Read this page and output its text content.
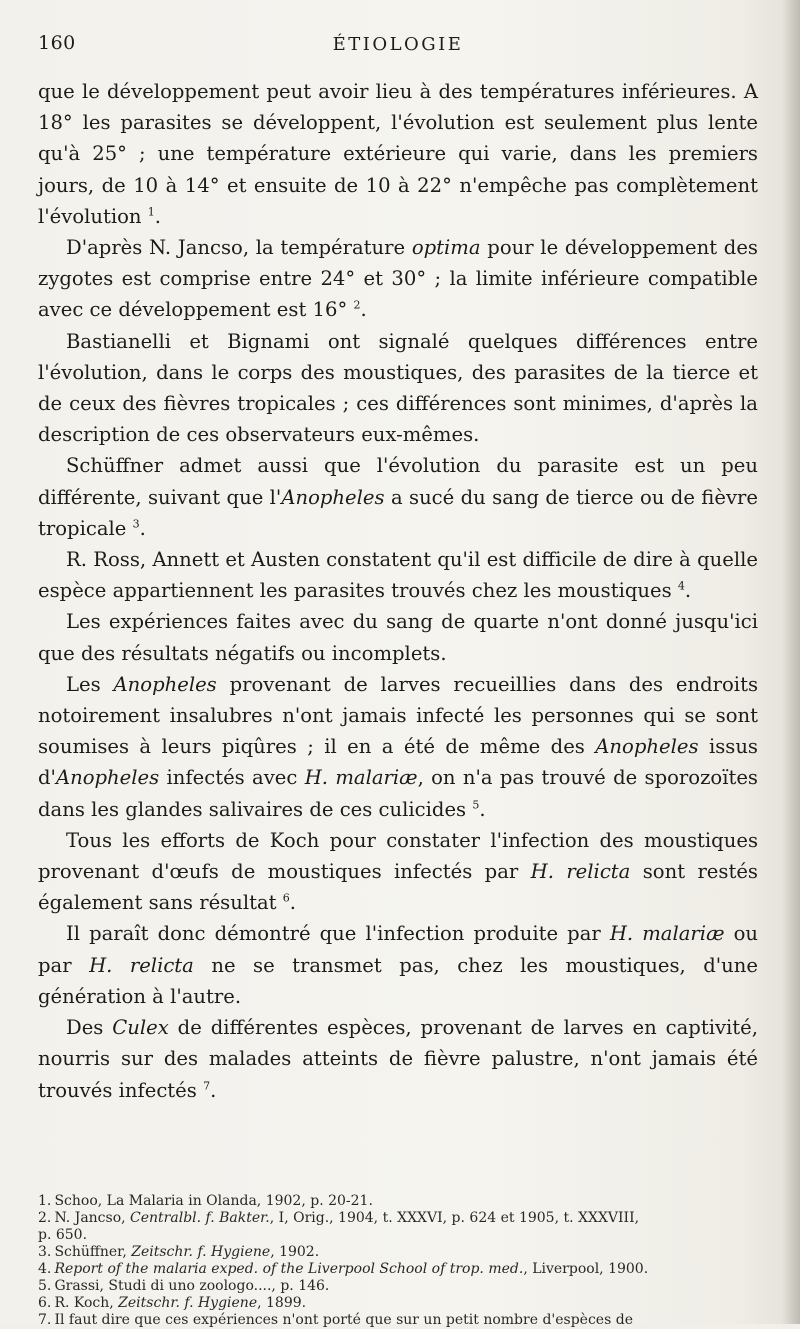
160	ÉTIOLOGIE

que le développement peut avoir lieu à des températures inférieures. A 18° les parasites se développent, l'évolution est seulement plus lente qu'à 25° ; une température extérieure qui varie, dans les premiers jours, de 10 à 14° et ensuite de 10 à 22° n'empêche pas complètement l'évolution $^1$.

D'après N. Jancso, la température optima pour le développement des zygotes est comprise entre 24° et 30° ; la limite inférieure compatible avec ce développement est 16° $^2$.

Bastianelli et Bignami ont signalé quelques différences entre l'évolution, dans le corps des moustiques, des parasites de la tierce et de ceux des fièvres tropicales ; ces différences sont minimes, d'après la description de ces observateurs eux-mêmes.

Schüffner admet aussi que l'évolution du parasite est un peu différente, suivant que l'Anopheles a sucé du sang de tierce ou de fièvre tropicale $^3$.

R. Ross, Annett et Austen constatent qu'il est difficile de dire à quelle espèce appartiennent les parasites trouvés chez les moustiques $^4$.

Les expériences faites avec du sang de quarte n'ont donné jusqu'ici que des résultats négatifs ou incomplets.

Les Anopheles provenant de larves recueillies dans des endroits notoirement insalubres n'ont jamais infecté les personnes qui se sont soumises à leurs piqûres ; il en a été de même des Anopheles issus d'Anopheles infectés avec H. malariæ, on n'a pas trouvé de sporozoïtes dans les glandes salivaires de ces culicides $^5$.

Tous les efforts de Koch pour constater l'infection des moustiques provenant d'œufs de moustiques infectés par H. relicta sont restés également sans résultat $^6$.

Il paraît donc démontré que l'infection produite par H. malariæ ou par H. relicta ne se transmet pas, chez les moustiques, d'une génération à l'autre.

Des Culex de différentes espèces, provenant de larves en captivité, nourris sur des malades atteints de fièvre palustre, n'ont jamais été trouvés infectés $^7$.

1. Schoo, La Malaria in Olanda, 1902, p. 20-21.
2. N. Jancso, Centralbl. f. Bakter., I, Orig., 1904, t. XXXVI, p. 624 et 1905, t. XXXVIII,
p. 650.
3. Schüffner, Zeitschr. f. Hygiene, 1902.
4. Report of the malaria exped. of the Liverpool School of trop. med., Liverpool, 1900.
5. Grassi, Studi di uno zoologo...., p. 146.
6. R. Koch, Zeitschr. f. Hygiene, 1899.
7. Il faut dire que ces expériences n'ont porté que sur un petit nombre d'espèces de
